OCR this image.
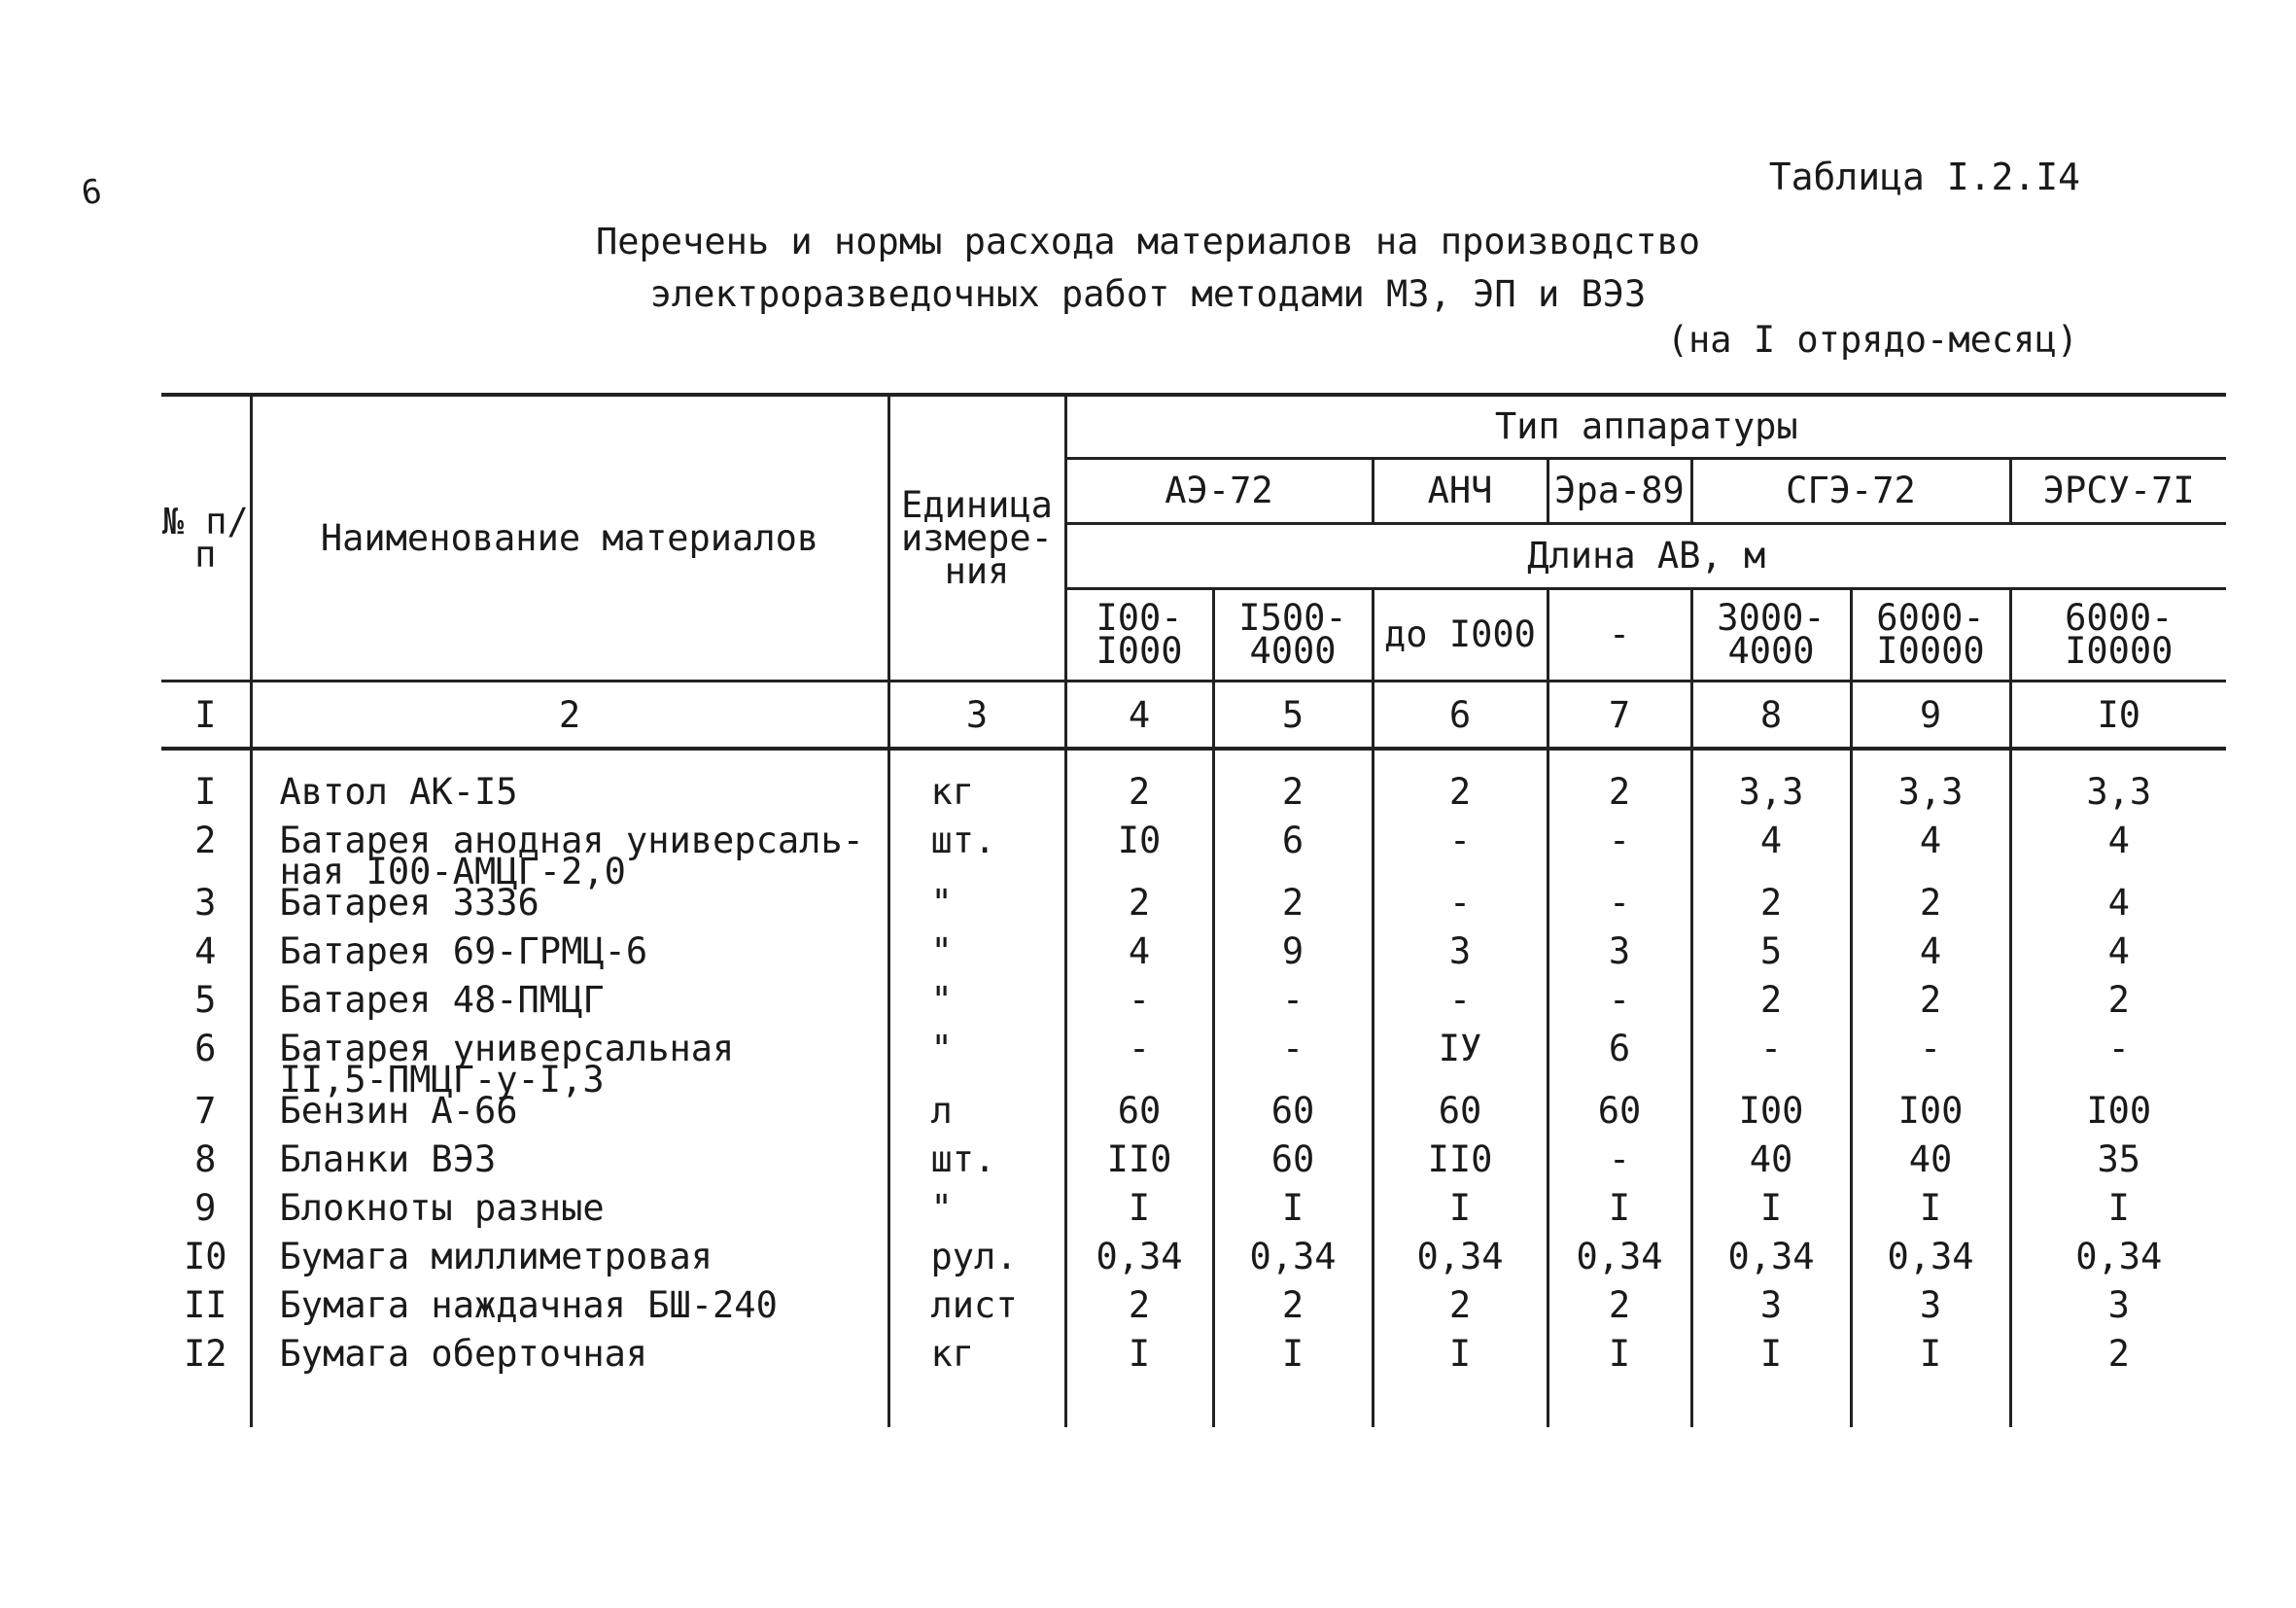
6	Таблица I.2.I4
Перечень и нормы расхода материалов на производство
электроразведочных работ методами МЗ, ЭП и ВЭЗ
(на I отрядо-месяц)
№ п/п	Наименование материалов	Единица измере- ния	Тип аппаратуры						
			АЭ-72		АНЧ	Эра-89	СГЭ-72		ЭРСУ-7I
			Длина АВ, м						
			I00- I000	I500- 4000	до I000	-	3000- 4000	6000- I0000	6000- I0000
I	2	3	4	5	6	7	8	9	I0

I	Автол АК-I5	кг	2	2	2	2	3,3	3,3	3,3
2	Батарея анодная универсаль-
ная I00-АМЦГ-2,0	шт.	I0	6	-	-	4	4	4
3	Батарея 3336	"	2	2	-	-	2	2	4
4	Батарея 69-ГРМЦ-6	"	4	9	3	3	5	4	4
5	Батарея 48-ПМЦГ	"	-	-	-	-	2	2	2
6	Батарея универсальная
II,5-ПМЦГ-у-I,3	"	-	-	IУ	6	-	-	-
7	Бензин А-66	л	60	60	60	60	I00	I00	I00
8	Бланки ВЭЗ	шт.	II0	60	II0	-	40	40	35
9	Блокноты разные	"	I	I	I	I	I	I	I
I0	Бумага миллиметровая	рул.	0,34	0,34	0,34	0,34	0,34	0,34	0,34
II	Бумага наждачная БШ-240	лист	2	2	2	2	3	3	3
I2	Бумага оберточная	кг	I	I	I	I	I	I	2
